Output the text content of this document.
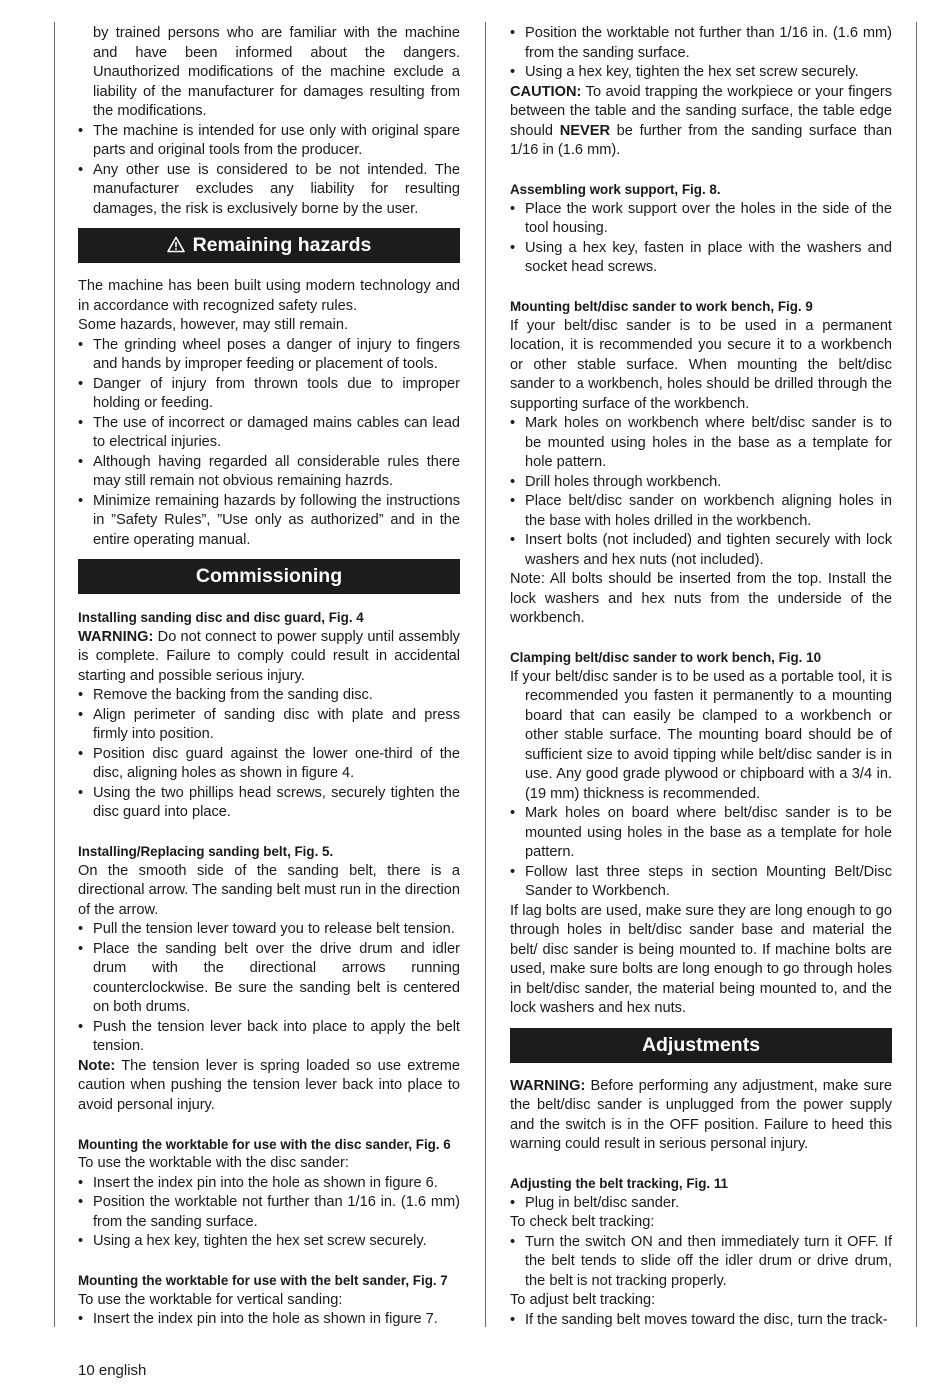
by trained persons who are familiar with the machine and have been informed about the dangers. Unauthorized modifications of the machine exclude a liability of the manufacturer for damages resulting from the modifications.

• The machine is intended for use only with original spare parts and original tools from the producer.
• Any other use is considered to be not intended. The manufacturer excludes any liability for resulting damages, the risk is exclusively borne by the user.
Remaining hazards

The machine has been built using modern technology and in accordance with recognized safety rules.

Some hazards, however, may still remain.

• The grinding wheel poses a danger of injury to fingers and hands by improper feeding or placement of tools.
• Danger of injury from thrown tools due to improper holding or feeding.
• The use of incorrect or damaged mains cables can lead to electrical injuries.
• Although having regarded all considerable rules there may still remain not obvious remaining hazrds.
• Minimize remaining hazards by following the instructions in ”Safety Rules”, ”Use only as authorized” and in the entire operating manual.
Commissioning

Installing sanding disc and disc guard, Fig. 4

WARNING: Do not connect to power supply until assembly is complete. Failure to comply could result in accidental starting and possible serious injury.

• Remove the backing from the sanding disc.
• Align perimeter of sanding disc with plate and press firmly into position.
• Position disc guard against the lower one-third of the disc, aligning holes as shown in figure 4.
• Using the two phillips head screws, securely tighten the disc guard into place.

Installing/Replacing sanding belt, Fig. 5.

On the smooth side of the sanding belt, there is a directional arrow. The sanding belt must run in the direction of the arrow.

• Pull the tension lever toward you to release belt tension.
• Place the sanding belt over the drive drum and idler drum with the directional arrows running counterclockwise. Be sure the sanding belt is centered on both drums.
• Push the tension lever back into place to apply the belt tension.

Note: The tension lever is spring loaded so use extreme caution when pushing the tension lever back into place to avoid personal injury.

Mounting the worktable for use with the disc sander, Fig. 6

To use the worktable with the disc sander:

• Insert the index pin into the hole as shown in figure 6.
• Position the worktable not further than 1/16 in. (1.6 mm) from the sanding surface.
• Using a hex key, tighten the hex set screw securely.

Mounting the worktable for use with the belt sander, Fig. 7

To use the worktable for vertical sanding:

• Insert the index pin into the hole as shown in figure 7.
• Position the worktable not further than 1/16 in. (1.6 mm) from the sanding surface.
• Using a hex key, tighten the hex set screw securely.

CAUTION: To avoid trapping the workpiece or your fingers between the table and the sanding surface, the table edge should NEVER be further from the sanding surface than 1/16 in (1.6 mm).

Assembling work support, Fig. 8.

• Place the work support over the holes in the side of the tool housing.
• Using a hex key, fasten in place with the washers and socket head screws.

Mounting belt/disc sander to work bench, Fig. 9

If your belt/disc sander is to be used in a permanent location, it is recommended you secure it to a workbench or other stable surface. When mounting the belt/disc sander to a workbench, holes should be drilled through the supporting surface of the workbench.

• Mark holes on workbench where belt/disc sander is to be mounted using holes in the base as a template for hole pattern.
• Drill holes through workbench.
• Place belt/disc sander on workbench aligning holes in the base with holes drilled in the workbench.
• Insert bolts (not included) and tighten securely with lock washers and hex nuts (not included).

Note: All bolts should be inserted from the top. Install the lock washers and hex nuts from the underside of the workbench.

Clamping belt/disc sander to work bench, Fig. 10

If your belt/disc sander is to be used as a portable tool, it is recommended you fasten it permanently to a mounting board that can easily be clamped to a workbench or other stable surface. The mounting board should be of sufficient size to avoid tipping while belt/disc sander is in use. Any good grade plywood or chipboard with a 3/4 in. (19 mm) thickness is recommended.

• Mark holes on board where belt/disc sander is to be mounted using holes in the base as a template for hole pattern.
• Follow last three steps in section Mounting Belt/Disc Sander to Workbench.

If lag bolts are used, make sure they are long enough to go through holes in belt/disc sander base and material the belt/ disc sander is being mounted to. If machine bolts are used, make sure bolts are long enough to go through holes in belt/disc sander, the material being mounted to, and the lock washers and hex nuts.

Adjustments

WARNING: Before performing any adjustment, make sure the belt/disc sander is unplugged from the power supply and the switch is in the OFF position. Failure to heed this warning could result in serious personal injury.

Adjusting the belt tracking, Fig. 11

• Plug in belt/disc sander.

To check belt tracking:

• Turn the switch ON and then immediately turn it OFF. If the belt tends to slide off the idler drum or drive drum, the belt is not tracking properly.

To adjust belt tracking:

• If the sanding belt moves toward the disc, turn the track-
10 english
